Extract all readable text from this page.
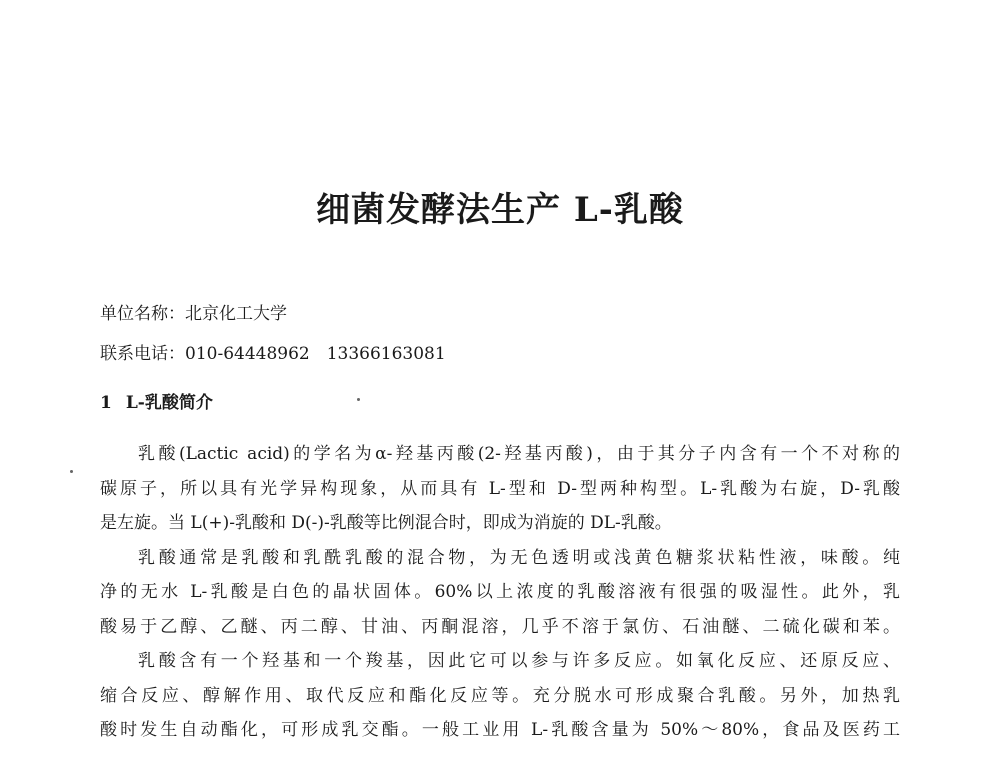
细菌发酵法生产 L-乳酸
单位名称：北京化工大学
联系电话：010-64448962　13366163081
1 L-乳酸简介

乳酸(Lactic acid)的学名为α-羟基丙酸(2-羟基丙酸)，由于其分子内含有一个不对称的

碳原子，所以具有光学异构现象，从而具有 L-型和 D-型两种构型。L-乳酸为右旋，D-乳酸

是左旋。当 L(+)-乳酸和 D(-)-乳酸等比例混合时，即成为消旋的 DL-乳酸。

乳酸通常是乳酸和乳酰乳酸的混合物，为无色透明或浅黄色糖浆状粘性液，味酸。纯

净的无水 L-乳酸是白色的晶状固体。60%以上浓度的乳酸溶液有很强的吸湿性。此外，乳

酸易于乙醇、乙醚、丙二醇、甘油、丙酮混溶，几乎不溶于氯仿、石油醚、二硫化碳和苯。

乳酸含有一个羟基和一个羧基，因此它可以参与许多反应。如氧化反应、还原反应、

缩合反应、醇解作用、取代反应和酯化反应等。充分脱水可形成聚合乳酸。另外，加热乳

酸时发生自动酯化，可形成乳交酯。一般工业用 L-乳酸含量为 50%～80%，食品及医药工
